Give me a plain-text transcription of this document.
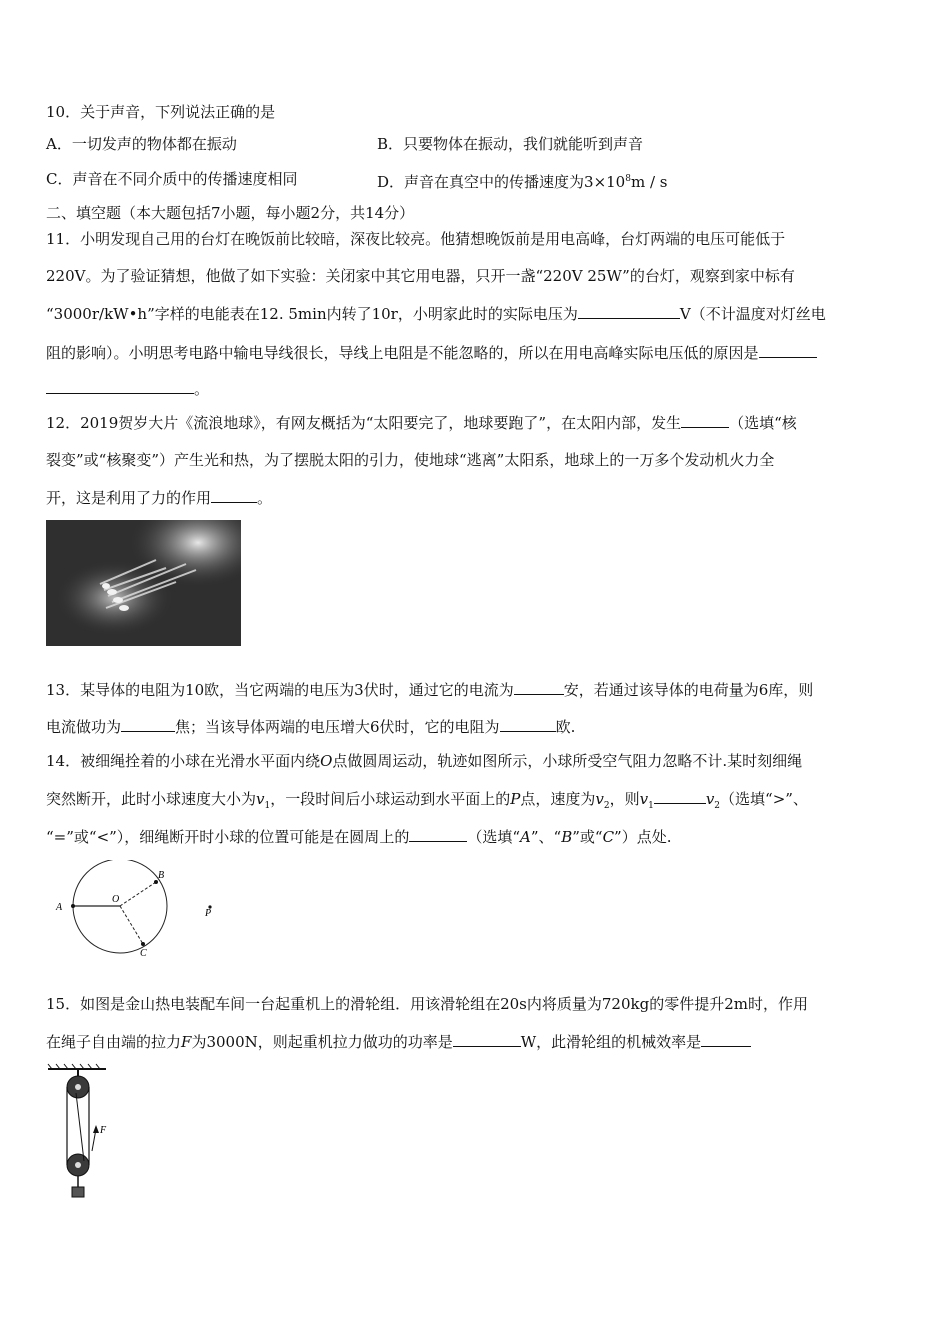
10．关于声音，下列说法正确的是
A．一切发声的物体都在振动	B．只要物体在振动，我们就能听到声音
C．声音在不同介质中的传播速度相同	D．声音在真空中的传播速度为$3\times 10^8m / s$
二、填空题（本大题包括7小题，每小题2分，共14分）
11．小明发现自己用的台灯在晚饭前比较暗，深夜比较亮。他猜想晚饭前是用电高峰，台灯两端的电压可能低于
220V。为了验证猜想，他做了如下实验：关闭家中其它用电器，只开一盏“220V 25W”的台灯，观察到家中标有
“3000r/kW•h”字样的电能表在12. 5min内转了10r，小明家此时的实际电压为	V（不计温度对灯丝电
阻的影响）。小明思考电路中输电导线很长，导线上电阻是不能忽略的，所以在用电高峰实际电压低的原因是
。
12．2019贺岁大片《流浪地球》，有网友概括为“太阳要完了，地球要跑了”，在太阳内部，发生	（选填“核
裂变”或“核聚变”）产生光和热，为了摆脱太阳的引力，使地球“逃离”太阳系，地球上的一万多个发动机火力全
开，这是利用了力的作用	。
13．某导体的电阻为10欧，当它两端的电压为3伏时，通过它的电流为	安，若通过该导体的电荷量为6库，则
电流做功为	焦；当该导体两端的电压增大6伏时，它的电阻为	欧.
14．被细绳拴着的小球在光滑水平面内绕O点做圆周运动，轨迹如图所示，小球所受空气阻力忽略不计.某时刻细绳
突然断开，此时小球速度大小为$v_1$，一段时间后小球运动到水平面上的P点，速度为$v_2$，则$v_1$	$v_2$（选填“>”、
“=”或“<”），细绳断开时小球的位置可能是在圆周上的	（选填“A”、“B”或“C”）点处.
A
O
B
C
P
15．如图是金山热电装配车间一台起重机上的滑轮组．用该滑轮组在20s内将质量为720kg的零件提升2m时，作用
在绳子自由端的拉力F为3000N，则起重机拉力做功的功率是	W，此滑轮组的机械效率是
F
